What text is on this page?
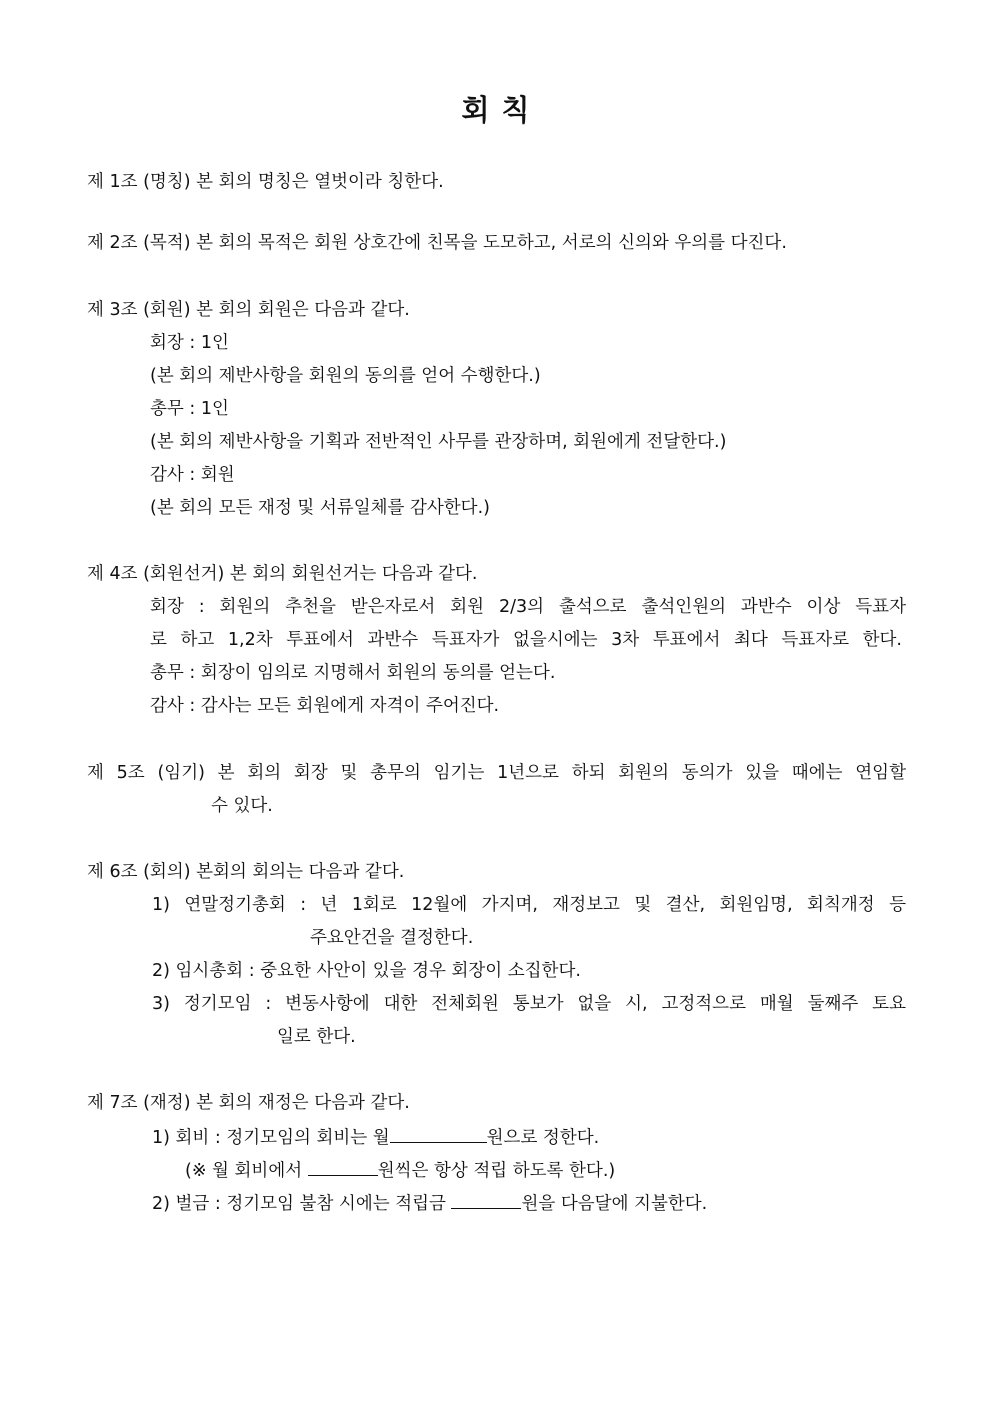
회 칙
제 1조 (명칭) 본 회의 명칭은 열벗이라 칭한다.
제 2조 (목적) 본 회의 목적은 회원 상호간에 친목을 도모하고, 서로의 신의와 우의를 다진다.
제 3조 (회원) 본 회의 회원은 다음과 같다.
회장 : 1인
(본 회의 제반사항을 회원의 동의를 얻어 수행한다.)
총무 : 1인
(본 회의 제반사항을 기획과 전반적인 사무를 관장하며, 회원에게 전달한다.)
감사 : 회원
(본 회의 모든 재정 및 서류일체를 감사한다.)
제 4조 (회원선거) 본 회의 회원선거는 다음과 같다.
회장 : 회원의 추천을 받은자로서 회원 2/3의 출석으로 출석인원의 과반수 이상 득표자
로 하고 1,2차 투표에서 과반수 득표자가 없을시에는 3차 투표에서 최다 득표자로 한다.
총무 : 회장이 임의로 지명해서 회원의 동의를 얻는다.
감사 : 감사는 모든 회원에게 자격이 주어진다.
제 5조 (임기) 본 회의 회장 및 총무의 임기는 1년으로 하되 회원의 동의가 있을 때에는 연임할
수 있다.
제 6조 (회의) 본회의 회의는 다음과 같다.
1) 연말정기총회 : 년 1회로 12월에 가지며, 재정보고 및 결산, 회원임명, 회칙개정 등
주요안건을 결정한다.
2) 임시총회 : 중요한 사안이 있을 경우 회장이 소집한다.
3) 정기모임 : 변동사항에 대한 전체회원 통보가 없을 시, 고정적으로 매월 둘째주 토요
일로 한다.
제 7조 (재정) 본 회의 재정은 다음과 같다.
1) 회비 : 정기모임의 회비는 월	원으로 정한다.
(※ 월 회비에서	원씩은 항상 적립 하도록 한다.)
2) 벌금 : 정기모임 불참 시에는 적립금	원을 다음달에 지불한다.
